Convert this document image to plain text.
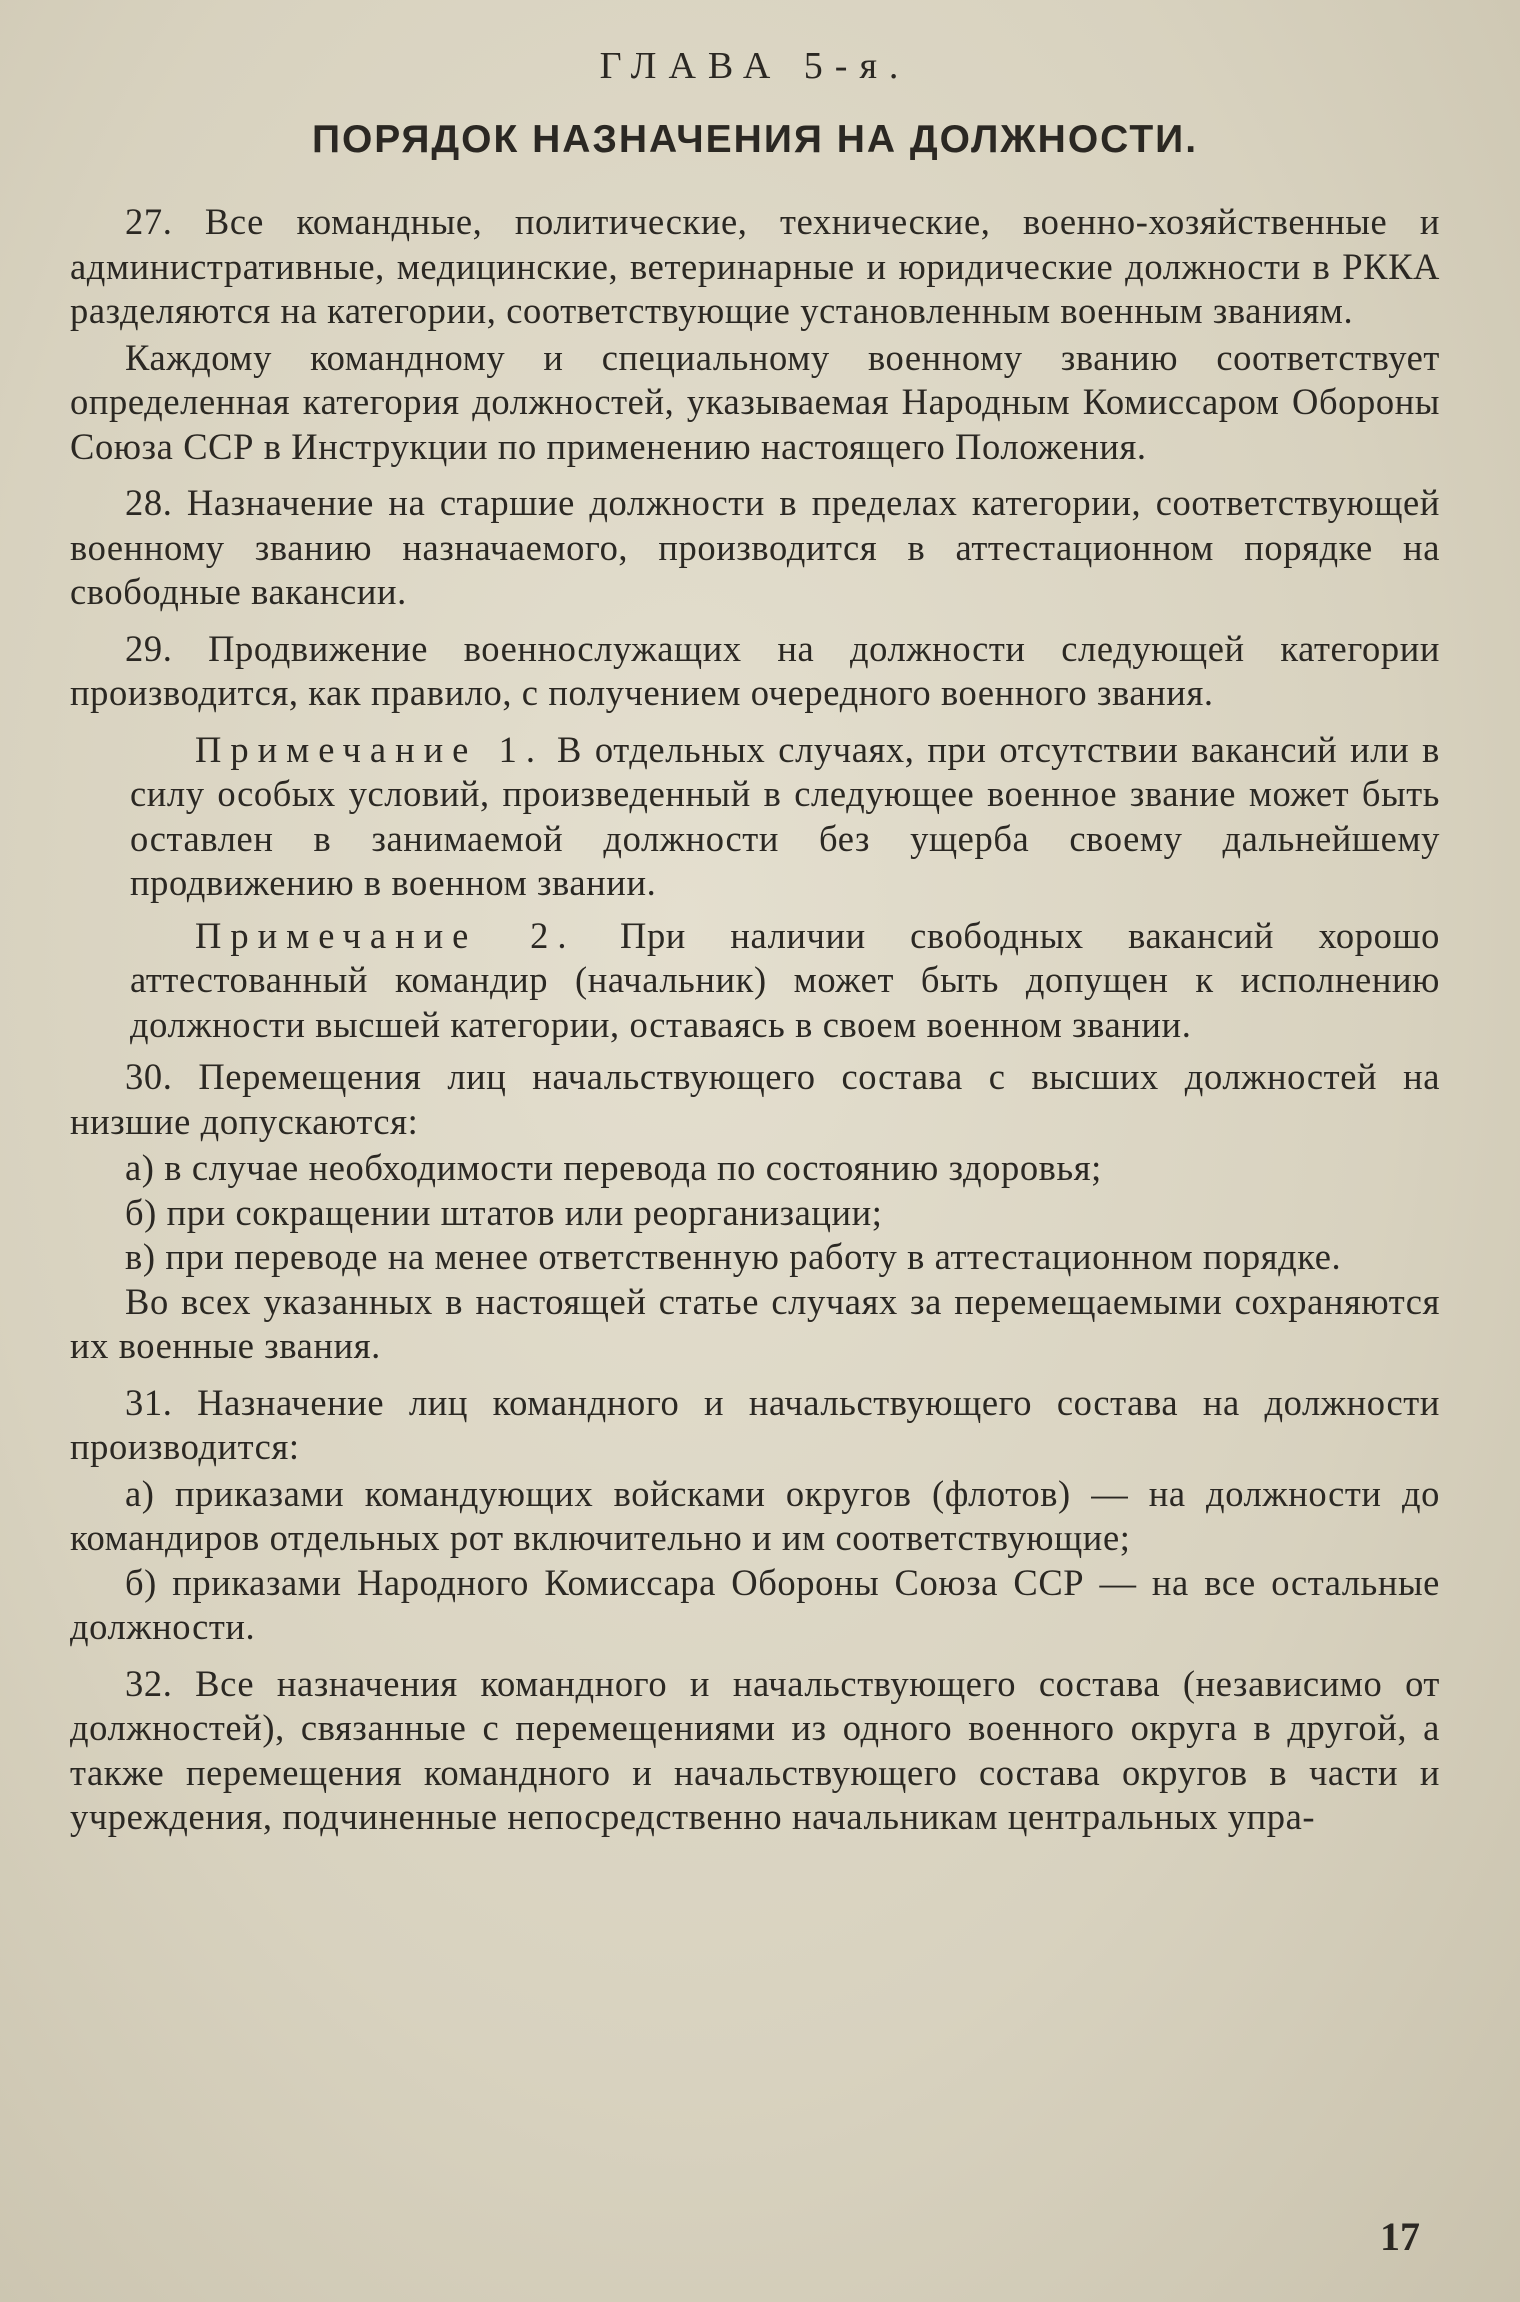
ГЛАВА 5-я.
ПОРЯДОК НАЗНАЧЕНИЯ НА ДОЛЖНОСТИ.

27. Все командные, политические, технические, военно-хозяйственные и административные, медицинские, ветеринарные и юридические должности в РККА разделяются на категории, соответствующие установленным военным званиям.

Каждому командному и специальному военному званию соответствует определенная категория должностей, указываемая Народным Комиссаром Обороны Союза ССР в Инструкции по применению настоящего Положения.

28. Назначение на старшие должности в пределах категории, соответствующей военному званию назначаемого, производится в аттестационном порядке на свободные вакансии.

29. Продвижение военнослужащих на должности следующей категории производится, как правило, с получением очередного военного звания.

Примечание 1. В отдельных случаях, при отсутствии вакансий или в силу особых условий, произведенный в следующее военное звание может быть оставлен в занимаемой должности без ущерба своему дальнейшему продвижению в военном звании.

Примечание 2. При наличии свободных вакансий хорошо аттестованный командир (начальник) может быть допущен к исполнению должности высшей категории, оставаясь в своем военном звании.

30. Перемещения лиц начальствующего состава с высших должностей на низшие допускаются:

а) в случае необходимости перевода по состоянию здоровья;

б) при сокращении штатов или реорганизации;

в) при переводе на менее ответственную работу в аттестационном порядке.

Во всех указанных в настоящей статье случаях за перемещаемыми сохраняются их военные звания.

31. Назначение лиц командного и начальствующего состава на должности производится:

а) приказами командующих войсками округов (флотов) — на должности до командиров отдельных рот включительно и им соответствующие;

б) приказами Народного Комиссара Обороны Союза ССР — на все остальные должности.

32. Все назначения командного и начальствующего состава (независимо от должностей), связанные с перемещениями из одного военного округа в другой, а также перемещения командного и начальствующего состава округов в части и учреждения, подчиненные непосредственно начальникам центральных упра-

17
